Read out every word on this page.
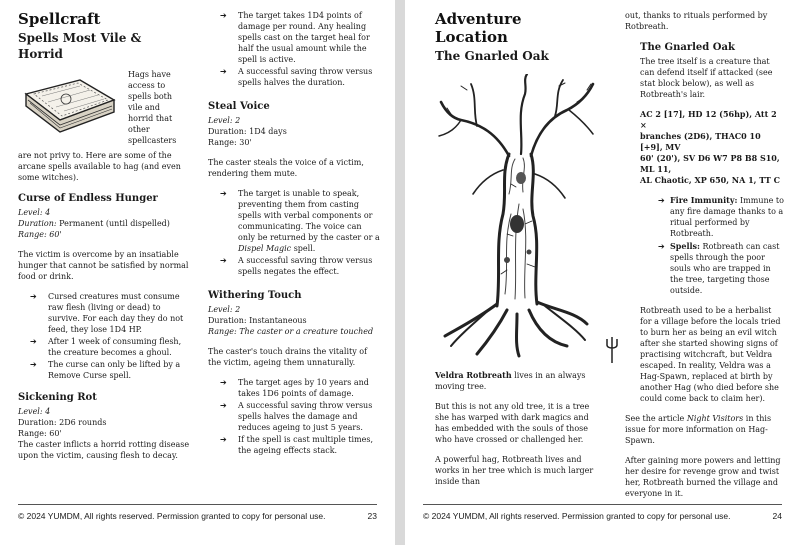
Spellcraft
Spells Most Vile & Horrid
Hags have
access to
spells both
vile and
horrid that
other
spellcasters

are not privy to. Here are some of the arcane spells available to hag (and even some witches).

Curse of Endless Hunger
Level: 4
Duration: Permanent (until dispelled)
Range: 60'

The victim is overcome by an insatiable hunger that cannot be satisfied by normal food or drink.

➔ Cursed creatures must consume raw flesh (living or dead) to survive. For each day they do not feed, they lose 1D4 HP.
➔ After 1 week of consuming flesh, the creature becomes a ghoul.
➔ The curse can only be lifted by a Remove Curse spell.
Sickening Rot
Level: 4
Duration: 2D6 rounds
Range: 60'
The caster inflicts a horrid rotting disease upon the victim, causing flesh to decay.
➔ The target takes 1D4 points of damage per round. Any healing spells cast on the target heal for half the usual amount while the spell is active.
➔ A successful saving throw versus spells halves the duration.
Steal Voice
Level: 2
Duration: 1D4 days
Range: 30'

The caster steals the voice of a victim, rendering them mute.

➔ The target is unable to speak, preventing them from casting spells with verbal components or communicating. The voice can only be returned by the caster or a Dispel Magic spell.
➔ A successful saving throw versus spells negates the effect.
Withering Touch
Level: 2
Duration: Instantaneous
Range: The caster or a creature touched

The caster's touch drains the vitality of the victim, ageing them unnaturally.

➔ The target ages by 10 years and takes 1D6 points of damage.
➔ A successful saving throw versus spells halves the damage and reduces ageing to just 5 years.
➔ If the spell is cast multiple times, the ageing effects stack.
© 2024 YUMDM, All rights reserved. Permission granted to copy for personal use.	23
Adventure Location
The Gnarled Oak

Veldra Rotbreath lives in an always moving tree.

But this is not any old tree, it is a tree she has warped with dark magics and has embedded with the souls of those who have crossed or challenged her.

A powerful hag, Rotbreath lives and works in her tree which is much larger inside than

out, thanks to rituals performed by Rotbreath.

The Gnarled Oak

The tree itself is a creature that can defend itself if attacked (see stat block below), as well as Rotbreath's lair.

AC 2 [17], HD 12 (56hp), Att 2 ×
branches (2D6), THAC0 10 [+9], MV
60' (20'), SV D6 W7 P8 B8 S10, ML 11,
AL Chaotic, XP 650, NA 1, TT C
➔ Fire Immunity: Immune to any fire damage thanks to a ritual performed by Rotbreath.
➔ Spells: Rotbreath can cast spells through the poor souls who are trapped in the tree, targeting those outside.

Rotbreath used to be a herbalist for a village before the locals tried to burn her as being an evil witch after she started showing signs of practising witchcraft, but Veldra escaped. In reality, Veldra was a Hag-Spawn, replaced at birth by another Hag (who died before she could come back to claim her).

See the article Night Visitors in this issue for more information on Hag-Spawn.

After gaining more powers and letting her desire for revenge grow and twist her, Rotbreath burned the village and everyone in it.

© 2024 YUMDM, All rights reserved. Permission granted to copy for personal use.	24
